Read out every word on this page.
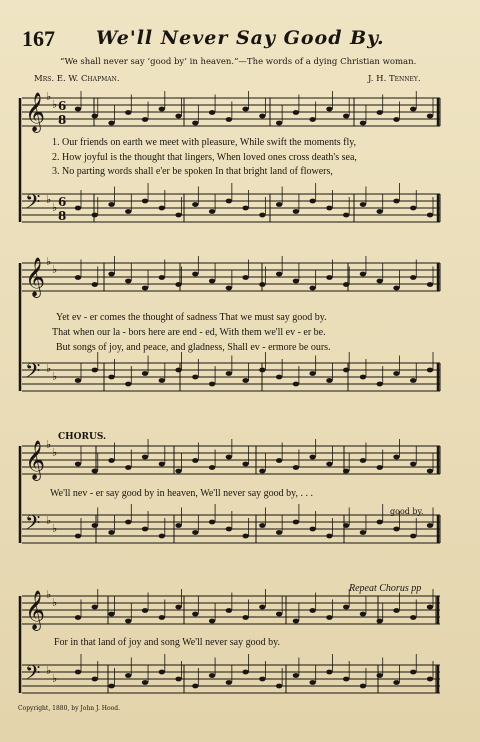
167 We'll Never Say Good By.
“We shall never say ‘good by’ in heaven.”—The words of a dying Christian woman.
Mrs. E. W. Chapman.	J. H. Tenney.
𝄞 ♭
♭
𝄢 ♭
♭
6
8
6
8
𝄞 ♭
♭
𝄢 ♭
♭
𝄞 ♭
♭
𝄢 ♭
♭
𝄞 ♭
♭
𝄢 ♭
♭
1. Our friends on earth we meet with pleasure, While swift the moments fly,
2. How joyful is the thought that lingers, When loved ones cross death's sea,
3. No parting words shall e'er be spoken In that bright land of flowers,
Yet ev - er comes the thought of sadness That we must say good by.
That when our la - bors here are end - ed, With them we'll ev - er be.
But songs of joy, and peace, and gladness, Shall ev - ermore be ours.
CHORUS.
We'll nev - er say good by in heaven, We'll never say good by, . . .
good by.
Repeat Chorus pp
For in that land of joy and song We'll never say good by.
Copyright, 1880, by John J. Hood.
